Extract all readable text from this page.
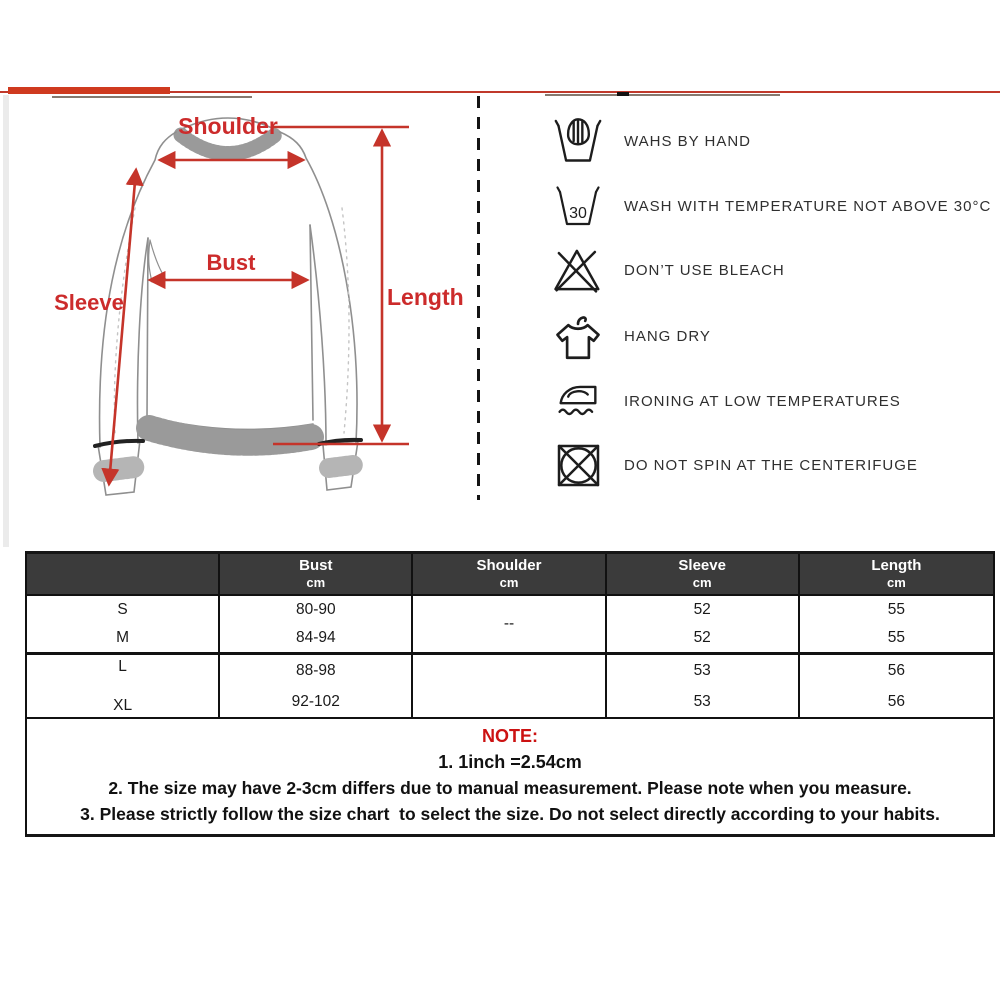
Shoulder
Bust
Sleeve	Length
WAHS BY HAND
30 WASH WITH TEMPERATURE NOT ABOVE 30°C
DON’T USE BLEACH
HANG DRY
IRONING AT LOW TEMPERATURES
DO NOT SPIN AT THE CENTERIFUGE
Bust
cm
Shoulder
cm
Sleeve
cm
Length
cm
S
M
80-90
84-94
--
52
52
55
55
L
XL
88-98
92-102
53
53
56
56
NOTE:
1. 1inch =2.54cm
2. The size may have 2-3cm differs due to manual measurement. Please note when you measure.
3. Please strictly follow the size chart  to select the size. Do not select directly according to your habits.
